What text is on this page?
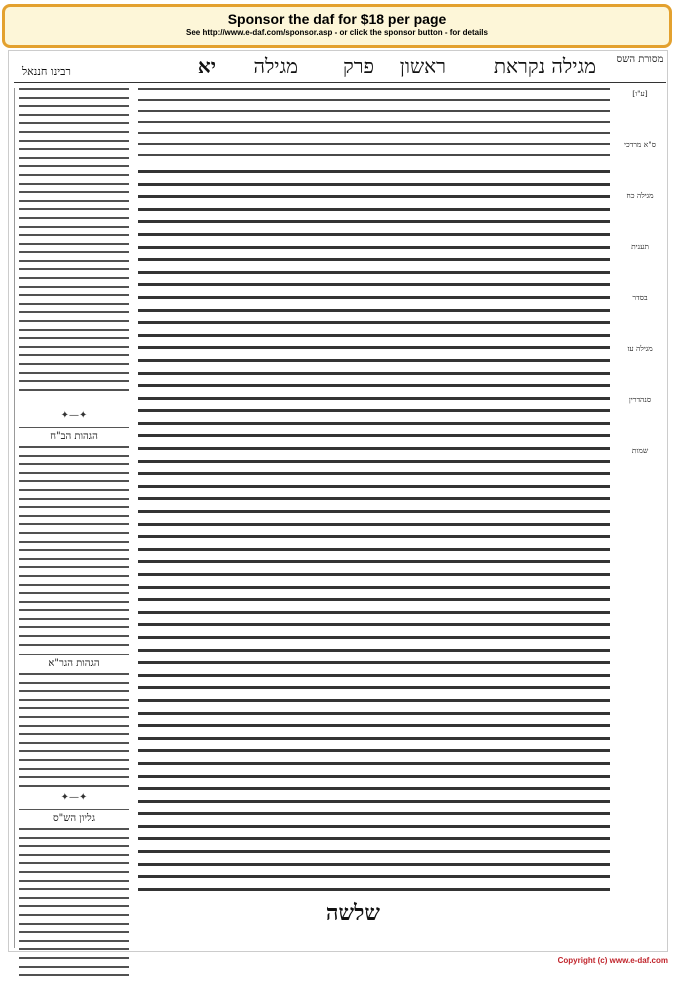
Sponsor the daf for $18 per page
See http://www.e-daf.com/sponsor.asp - or click the sponsor button - for details
מסורת השס
מגילה נקראת
פרק ראשון
מגילה
יא
רבינו חננאל
[ע"ו]
ס"א מרדכי
מגילה כח
תענית
בסדר
מגילה עז
סנהדרין
שמות
שלשה
✦—✦
הגהות הב"ח
הגהות הגר"א
✦—✦
גליון הש"ס
Copyright (c) www.e-daf.com
